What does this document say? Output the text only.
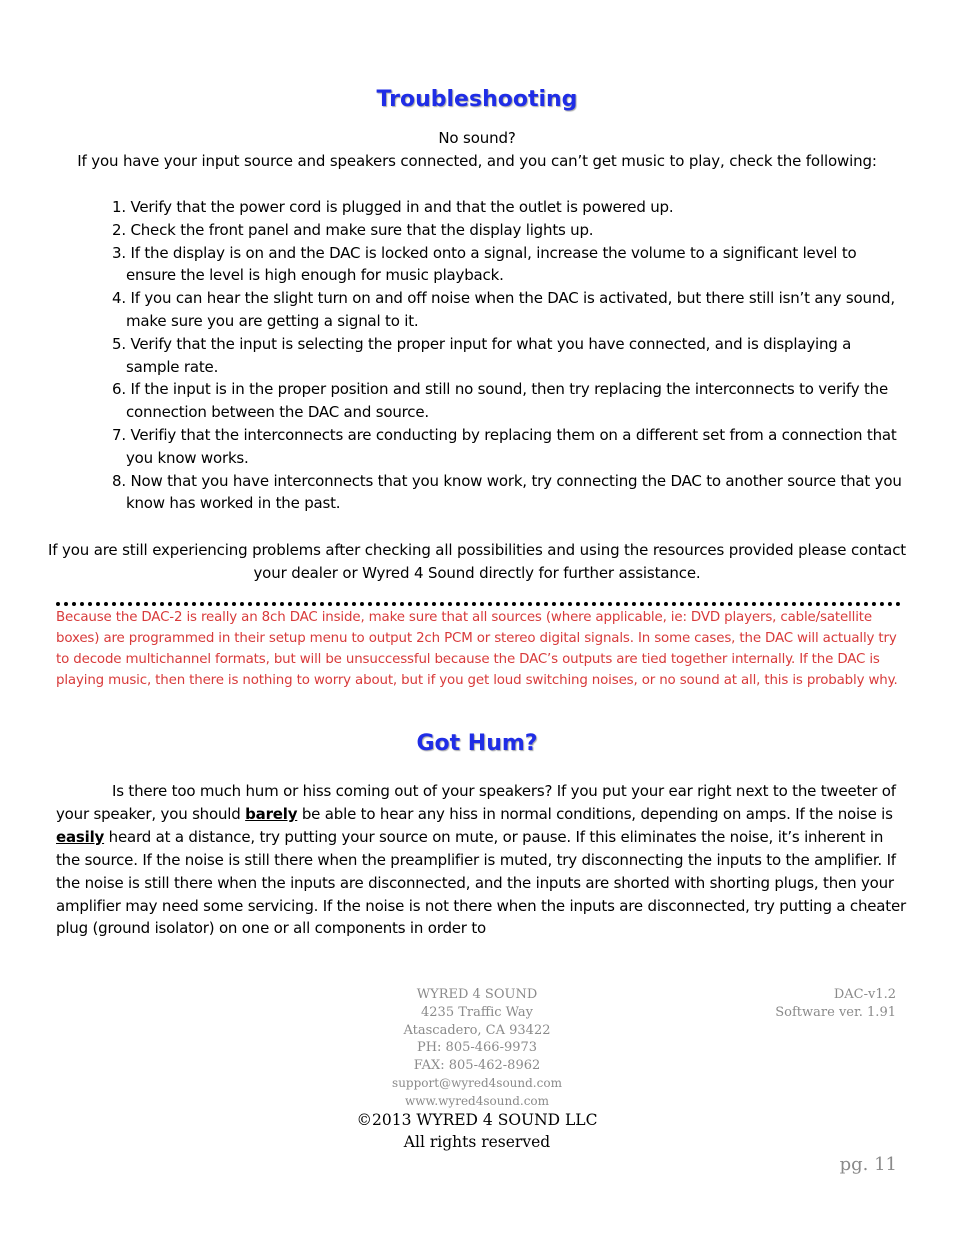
Troubleshooting
No sound?
If you have your input source and speakers connected, and you can’t get music to play, check the following:
1. Verify that the power cord is plugged in and that the outlet is powered up.
2. Check the front panel and make sure that the display lights up.
3. If the display is on and the DAC is locked onto a signal, increase the volume to a significant level to ensure the level is high enough for music playback.
4. If you can hear the slight turn on and off noise when the DAC is activated, but there still isn’t any sound, make sure you are getting a signal to it.
5. Verify that the input is selecting the proper input for what you have connected, and is displaying a sample rate.
6. If the input is in the proper position and still no sound, then try replacing the interconnects to verify the connection between the DAC and source.
7. Verifiy that the interconnects are conducting by replacing them on a different set from a connection that you know works.
8. Now that you have interconnects that you know work, try connecting the DAC to another source that you know has worked in the past.
If you are still experiencing problems after checking all possibilities and using the resources provided please contact your dealer or Wyred 4 Sound directly for further assistance.
Because the DAC-2 is really an 8ch DAC inside, make sure that all sources (where applicable, ie: DVD players, cable/satellite boxes) are programmed in their setup menu to output 2ch PCM or stereo digital signals. In some cases, the DAC will actually try to decode multichannel formats, but will be unsuccessful because the DAC’s outputs are tied together internally. If the DAC is playing music, then there is nothing to worry about, but if you get loud switching noises, or no sound at all, this is probably why.
Got Hum?
Is there too much hum or hiss coming out of your speakers? If you put your ear right next to the tweeter of your speaker, you should barely be able to hear any hiss in normal conditions, depending on amps. If the noise is easily heard at a distance, try putting your source on mute, or pause. If this eliminates the noise, it’s inherent in the source. If the noise is still there when the preamplifier is muted, try disconnecting the inputs to the amplifier. If the noise is still there when the inputs are disconnected, and the inputs are shorted with shorting plugs, then your amplifier may need some servicing. If the noise is not there when the inputs are disconnected, try putting a cheater plug (ground isolator) on one or all components in order to
WYRED 4 SOUND
4235 Traffic Way
Atascadero, CA 93422
PH: 805-466-9973
FAX: 805-462-8962
support@wyred4sound.com
www.wyred4sound.com
©2013 WYRED 4 SOUND LLC
All rights reserved
DAC-v1.2
Software ver. 1.91
pg. 11
